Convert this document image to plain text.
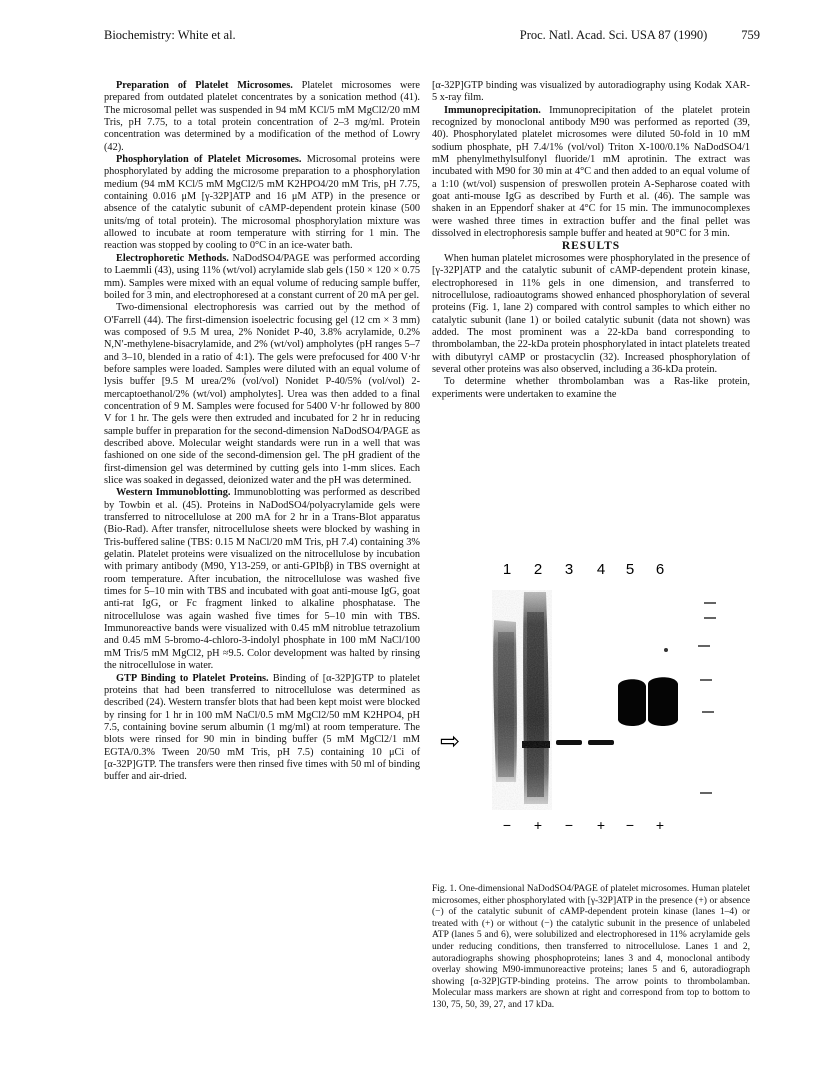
Biochemistry: White et al.	Proc. Natl. Acad. Sci. USA 87 (1990)	759

Preparation of Platelet Microsomes. Platelet microsomes were prepared from outdated platelet concentrates by a sonication method (41). The microsomal pellet was suspended in 94 mM KCl/5 mM MgCl2/20 mM Tris, pH 7.75, to a total protein concentration of 2–3 mg/ml. Protein concentration was determined by a modification of the method of Lowry (42).

Phosphorylation of Platelet Microsomes. Microsomal proteins were phosphorylated by adding the microsome preparation to a phosphorylation medium (94 mM KCl/5 mM MgCl2/5 mM K2HPO4/20 mM Tris, pH 7.75, containing 0.016 μM [γ-32P]ATP and 16 μM ATP) in the presence or absence of the catalytic subunit of cAMP-dependent protein kinase (500 units/mg of total protein). The microsomal phosphorylation mixture was allowed to incubate at room temperature with stirring for 1 min. The reaction was stopped by cooling to 0°C in an ice-water bath.

Electrophoretic Methods. NaDodSO4/PAGE was performed according to Laemmli (43), using 11% (wt/vol) acrylamide slab gels (150 × 120 × 0.75 mm). Samples were mixed with an equal volume of reducing sample buffer, boiled for 3 min, and electrophoresed at a constant current of 20 mA per gel.

Two-dimensional electrophoresis was carried out by the method of O'Farrell (44). The first-dimension isoelectric focusing gel (12 cm × 3 mm) was composed of 9.5 M urea, 2% Nonidet P-40, 3.8% acrylamide, 0.2% N,N′-methylene-bisacrylamide, and 2% (wt/vol) ampholytes (pH ranges 5–7 and 3–10, blended in a ratio of 4:1). The gels were prefocused for 400 V·hr before samples were loaded. Samples were diluted with an equal volume of lysis buffer [9.5 M urea/2% (vol/vol) Nonidet P-40/5% (vol/vol) 2-mercaptoethanol/2% (wt/vol) ampholytes]. Urea was then added to a final concentration of 9 M. Samples were focused for 5400 V·hr followed by 800 V for 1 hr. The gels were then extruded and incubated for 2 hr in reducing sample buffer in preparation for the second-dimension NaDodSO4/PAGE as described above. Molecular weight standards were run in a well that was fashioned on one side of the second-dimension gel. The pH gradient of the first-dimension gel was determined by cutting gels into 1-mm slices. Each slice was soaked in degassed, deionized water and the pH was determined.

Western Immunoblotting. Immunoblotting was performed as described by Towbin et al. (45). Proteins in NaDodSO4/polyacrylamide gels were transferred to nitrocellulose at 200 mA for 2 hr in a Trans-Blot apparatus (Bio-Rad). After transfer, nitrocellulose sheets were blocked by washing in Tris-buffered saline (TBS: 0.15 M NaCl/20 mM Tris, pH 7.4) containing 3% gelatin. Platelet proteins were visualized on the nitrocellulose by incubation with primary antibody (M90, Y13-259, or anti-GPIbβ) in TBS overnight at room temperature. After incubation, the nitrocellulose was washed five times for 5–10 min with TBS and incubated with goat anti-mouse IgG, goat anti-rat IgG, or Fc fragment linked to alkaline phosphatase. The nitrocellulose was again washed five times for 5–10 min with TBS. Immunoreactive bands were visualized with 0.45 mM nitroblue tetrazolium and 0.45 mM 5-bromo-4-chloro-3-indolyl phosphate in 100 mM NaCl/100 mM Tris/5 mM MgCl2, pH ≈9.5. Color development was halted by rinsing the nitrocellulose in water.

GTP Binding to Platelet Proteins. Binding of [α-32P]GTP to platelet proteins that had been transferred to nitrocellulose was determined as described (24). Western transfer blots that had been kept moist were blocked by rinsing for 1 hr in 100 mM NaCl/0.5 mM MgCl2/50 mM K2HPO4, pH 7.5, containing bovine serum albumin (1 mg/ml) at room temperature. The blots were rinsed for 90 min in binding buffer (5 mM MgCl2/1 mM EGTA/0.3% Tween 20/50 mM Tris, pH 7.5) containing 10 μCi of [α-32P]GTP. The transfers were then rinsed five times with 50 ml of binding buffer and air-dried.

[α-32P]GTP binding was visualized by autoradiography using Kodak XAR-5 x-ray film.

Immunoprecipitation. Immunoprecipitation of the platelet protein recognized by monoclonal antibody M90 was performed as reported (39, 40). Phosphorylated platelet microsomes were diluted 50-fold in 10 mM sodium phosphate, pH 7.4/1% (vol/vol) Triton X-100/0.1% NaDodSO4/1 mM phenylmethylsulfonyl fluoride/1 mM aprotinin. The extract was incubated with M90 for 30 min at 4°C and then added to an equal volume of a 1:10 (wt/vol) suspension of preswollen protein A-Sepharose coated with goat anti-mouse IgG as described by Furth et al. (46). The sample was shaken in an Eppendorf shaker at 4°C for 15 min. The immunocomplexes were washed three times in extraction buffer and the final pellet was dissolved in electrophoresis sample buffer and heated at 90°C for 3 min.

RESULTS

When human platelet microsomes were phosphorylated in the presence of [γ-32P]ATP and the catalytic subunit of cAMP-dependent protein kinase, electrophoresed in 11% gels in one dimension, and transferred to nitrocellulose, radioautograms showed enhanced phosphorylation of several proteins (Fig. 1, lane 2) compared with control samples to which either no catalytic subunit (lane 1) or boiled catalytic subunit (data not shown) was added. The most prominent was a 22-kDa band corresponding to thrombolamban, the 22-kDa protein phosphorylated in intact platelets treated with dibutyryl cAMP or prostacyclin (32). Increased phosphorylation of several other proteins was also observed, including a 36-kDa protein.

To determine whether thrombolamban was a Ras-like protein, experiments were undertaken to examine the

1 2 3 4 5 6
⇨
− + − + − +
Fig. 1. One-dimensional NaDodSO4/PAGE of platelet microsomes. Human platelet microsomes, either phosphorylated with [γ-32P]ATP in the presence (+) or absence (−) of the catalytic subunit of cAMP-dependent protein kinase (lanes 1–4) or treated with (+) or without (−) the catalytic subunit in the presence of unlabeled ATP (lanes 5 and 6), were solubilized and electrophoresed in 11% acrylamide gels under reducing conditions, then transferred to nitrocellulose. Lanes 1 and 2, autoradiographs showing phosphoproteins; lanes 3 and 4, monoclonal antibody overlay showing M90-immunoreactive proteins; lanes 5 and 6, autoradiograph showing [α-32P]GTP-binding proteins. The arrow points to thrombolamban. Molecular mass markers are shown at right and correspond from top to bottom to 130, 75, 50, 39, 27, and 17 kDa.
